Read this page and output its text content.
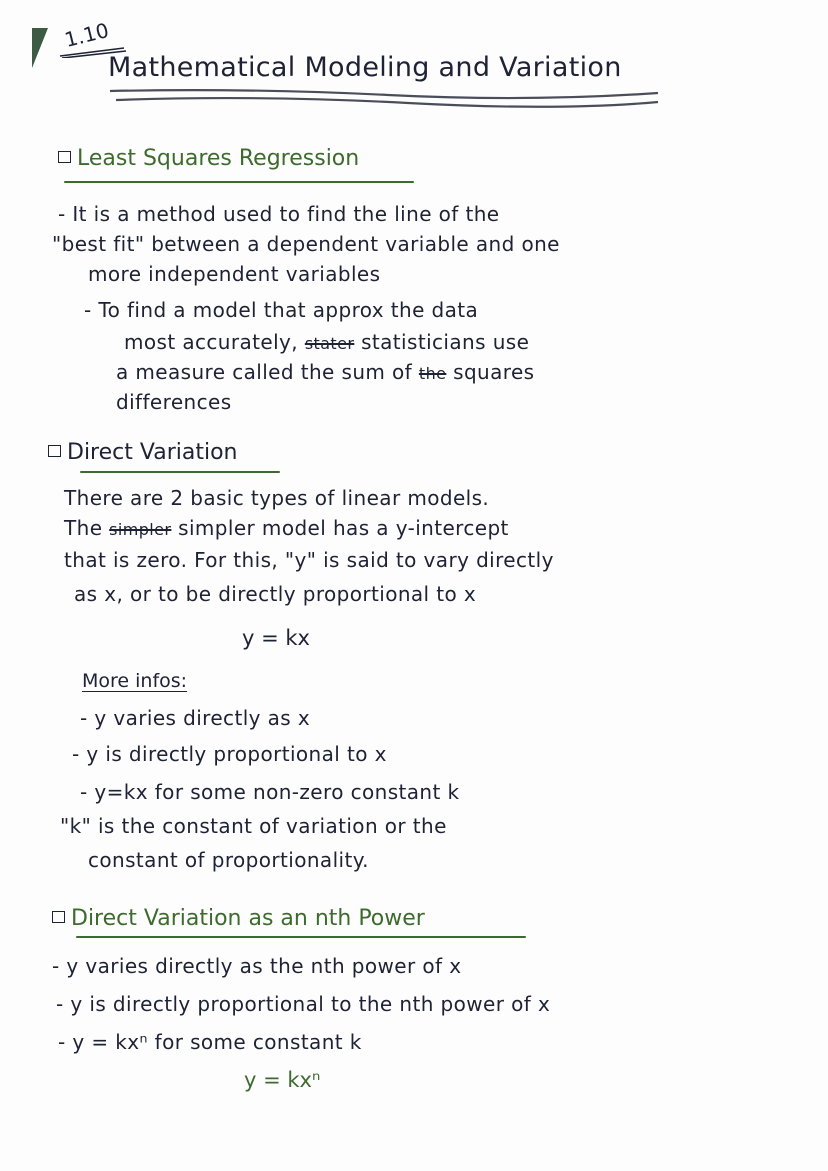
1.10
Mathematical Modeling and Variation
Least Squares Regression
- It is a method used to find the line of the
"best fit" between a dependent variable and one
more independent variables
- To find a model that approx the data
most accurately, stater statisticians use
a measure called the sum of the squares
differences
Direct Variation
There are 2 basic types of linear models.
The simpler simpler model has a y-intercept
that is zero. For this, "y" is said to vary directly
as x, or to be directly proportional to x
y = kx
More infos:
- y varies directly as x
- y is directly proportional to x
- y=kx for some non-zero constant k
"k" is the constant of variation or the
constant of proportionality.
Direct Variation as an nth Power
- y varies directly as the nth power of x
- y is directly proportional to the nth power of x
- y = kxⁿ for some constant k
y = kxⁿ
